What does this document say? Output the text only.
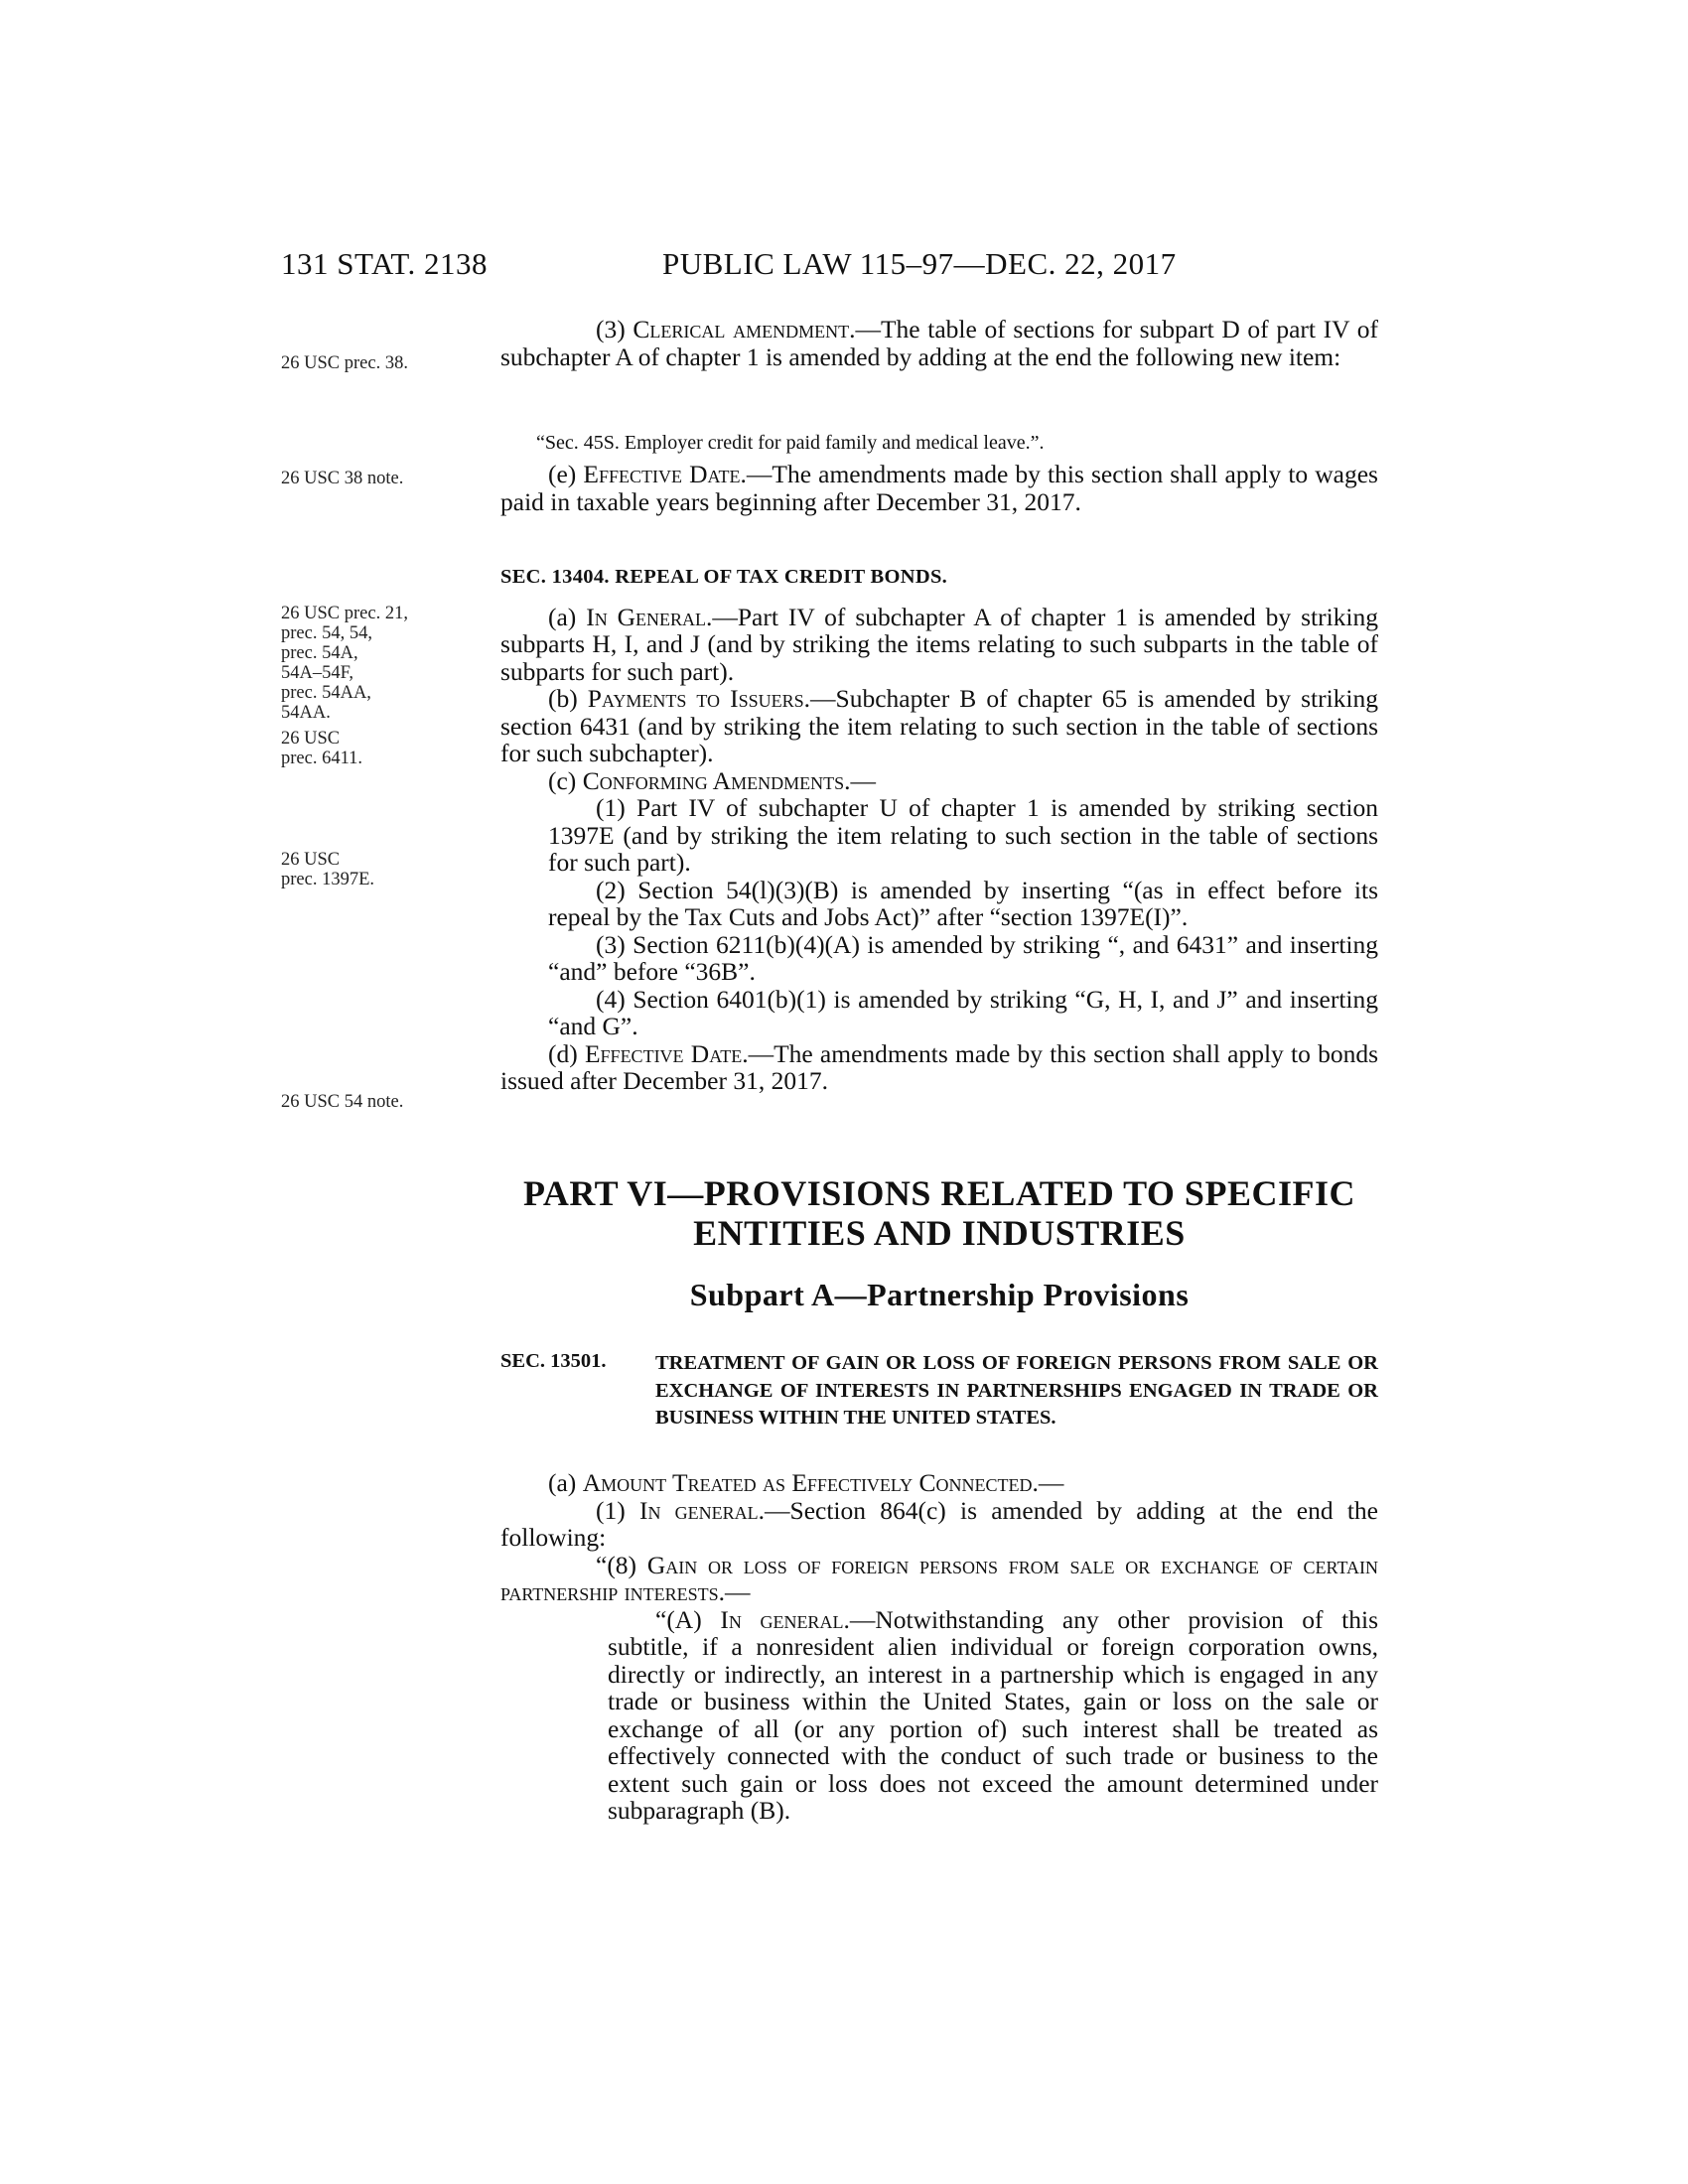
131 STAT. 2138	PUBLIC LAW 115–97—DEC. 22, 2017
26 USC prec. 38.
26 USC 38 note.
26 USC prec. 21,
prec. 54, 54,
prec. 54A,
54A–54F,
prec. 54AA,
54AA.
26 USC
prec. 6411.
26 USC
prec. 1397E.
26 USC 54 note.

(3) Clerical amendment.—The table of sections for subpart D of part IV of subchapter A of chapter 1 is amended by adding at the end the following new item:

“Sec. 45S. Employer credit for paid family and medical leave.”.

(e) Effective Date.—The amendments made by this section shall apply to wages paid in taxable years beginning after December 31, 2017.

SEC. 13404. REPEAL OF TAX CREDIT BONDS.

(a) In General.—Part IV of subchapter A of chapter 1 is amended by striking subparts H, I, and J (and by striking the items relating to such subparts in the table of subparts for such part).

(b) Payments to Issuers.—Subchapter B of chapter 65 is amended by striking section 6431 (and by striking the item relating to such section in the table of sections for such subchapter).

(c) Conforming Amendments.—

(1) Part IV of subchapter U of chapter 1 is amended by striking section 1397E (and by striking the item relating to such section in the table of sections for such part).

(2) Section 54(l)(3)(B) is amended by inserting “(as in effect before its repeal by the Tax Cuts and Jobs Act)” after “section 1397E(I)”.

(3) Section 6211(b)(4)(A) is amended by striking “, and 6431” and inserting “and” before “36B”.

(4) Section 6401(b)(1) is amended by striking “G, H, I, and J” and inserting “and G”.

(d) Effective Date.—The amendments made by this section shall apply to bonds issued after December 31, 2017.

PART VI—PROVISIONS RELATED TO SPECIFIC
ENTITIES AND INDUSTRIES
Subpart A—Partnership Provisions
SEC. 13501. TREATMENT OF GAIN OR LOSS OF FOREIGN PERSONS FROM SALE OR EXCHANGE OF INTERESTS IN PARTNERSHIPS ENGAGED IN TRADE OR BUSINESS WITHIN THE UNITED STATES.

(a) Amount Treated as Effectively Connected.—

(1) In general.—Section 864(c) is amended by adding at the end the following:

“(8) Gain or loss of foreign persons from sale or exchange of certain partnership interests.—

“(A) In general.—Notwithstanding any other provision of this subtitle, if a nonresident alien individual or foreign corporation owns, directly or indirectly, an interest in a partnership which is engaged in any trade or business within the United States, gain or loss on the sale or exchange of all (or any portion of) such interest shall be treated as effectively connected with the conduct of such trade or business to the extent such gain or loss does not exceed the amount determined under subparagraph (B).
